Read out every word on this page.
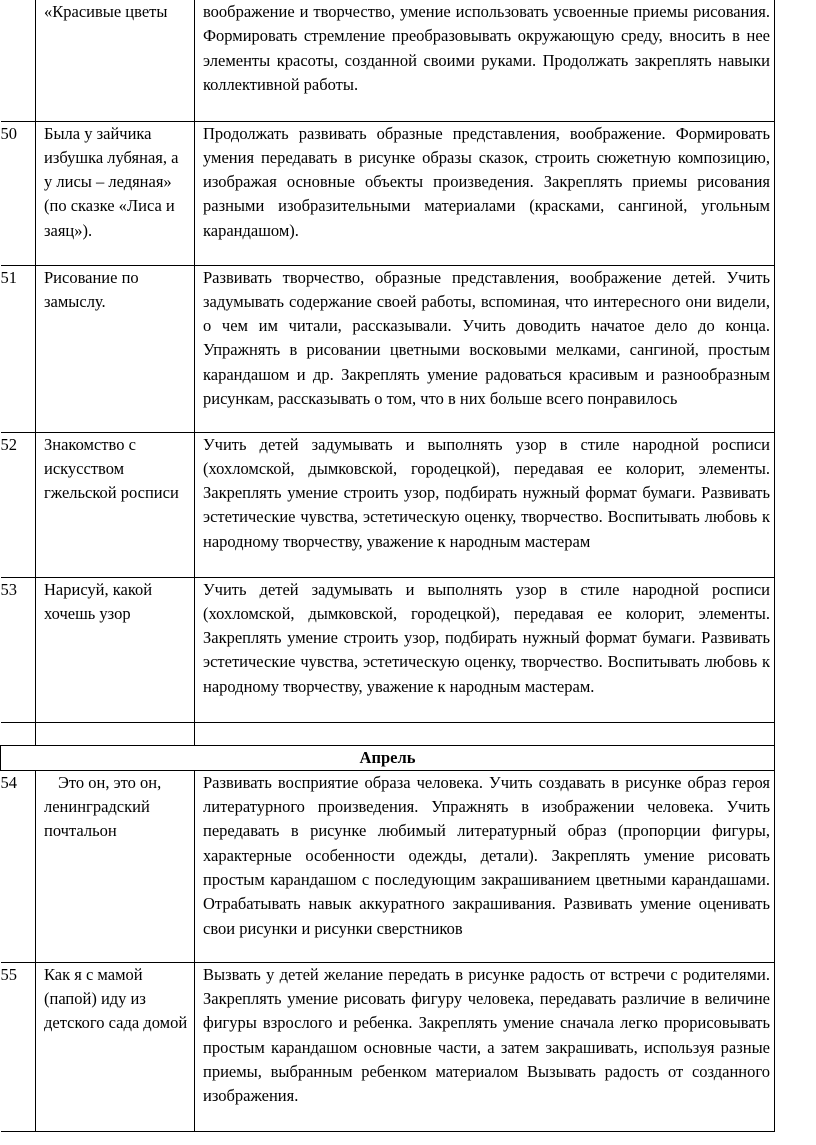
	«Красивые цветы	воображение и творчество, умение использовать усвоенные приемы рисования. Формировать стремление преобразовывать окружающую среду, вносить в нее элементы красоты, созданной своими руками. Продолжать закреплять навыки коллективной работы.
50	Была у зайчика избушка лубяная, а у лисы – ледяная» (по сказке «Лиса и заяц»).	Продолжать развивать образные представления, воображение. Формировать умения передавать в рисунке образы сказок, строить сюжетную композицию, изображая основные объекты произведения. Закреплять приемы рисования разными изобразительными материалами (красками, сангиной, угольным карандашом).
51	Рисование по замыслу.	Развивать творчество, образные представления, воображение детей. Учить задумывать содержание своей работы, вспоминая, что интересного они видели, о чем им читали, рассказывали. Учить доводить начатое дело до конца. Упражнять в рисовании цветными восковыми мелками, сангиной, простым карандашом и др. Закреплять умение радоваться красивым и разнообразным рисункам, рассказывать о том, что в них больше всего понравилось
52	Знакомство с искусством гжельской росписи	Учить детей задумывать и выполнять узор в стиле народной росписи (хохломской, дымковской, городецкой), передавая ее колорит, элементы. Закреплять умение строить узор, подбирать нужный формат бумаги. Развивать эстетические чувства, эстетическую оценку, творчество. Воспитывать любовь к народному творчеству, уважение к народным мастерам
53	Нарисуй, какой хочешь узор	Учить детей задумывать и выполнять узор в стиле народной росписи (хохломской, дымковской, городецкой), передавая ее колорит, элементы. Закреплять умение строить узор, подбирать нужный формат бумаги. Развивать эстетические чувства, эстетическую оценку, творчество. Воспитывать любовь к народному творчеству, уважение к народным мастерам.

Апрель		
54	Это он, это он, ленинградский почтальон	Развивать восприятие образа человека. Учить создавать в рисунке образ героя литературного произведения. Упражнять в изображении человека. Учить передавать в рисунке любимый литературный образ (пропорции фигуры, характерные особенности одежды, детали). Закреплять умение рисовать простым карандашом с последующим закрашиванием цветными карандашами. Отрабатывать навык аккуратного закрашивания. Развивать умение оценивать свои рисунки и рисунки сверстников
55	Как я с мамой (папой) иду из детского сада домой	Вызвать у детей желание передать в рисунке радость от встречи с родителями. Закреплять умение рисовать фигуру человека, передавать различие в величине фигуры взрослого и ребенка. Закреплять умение сначала легко прорисовывать простым карандашом основные части, а затем закрашивать, используя разные приемы, выбранным ребенком материалом Вызывать радость от созданного изображения.
